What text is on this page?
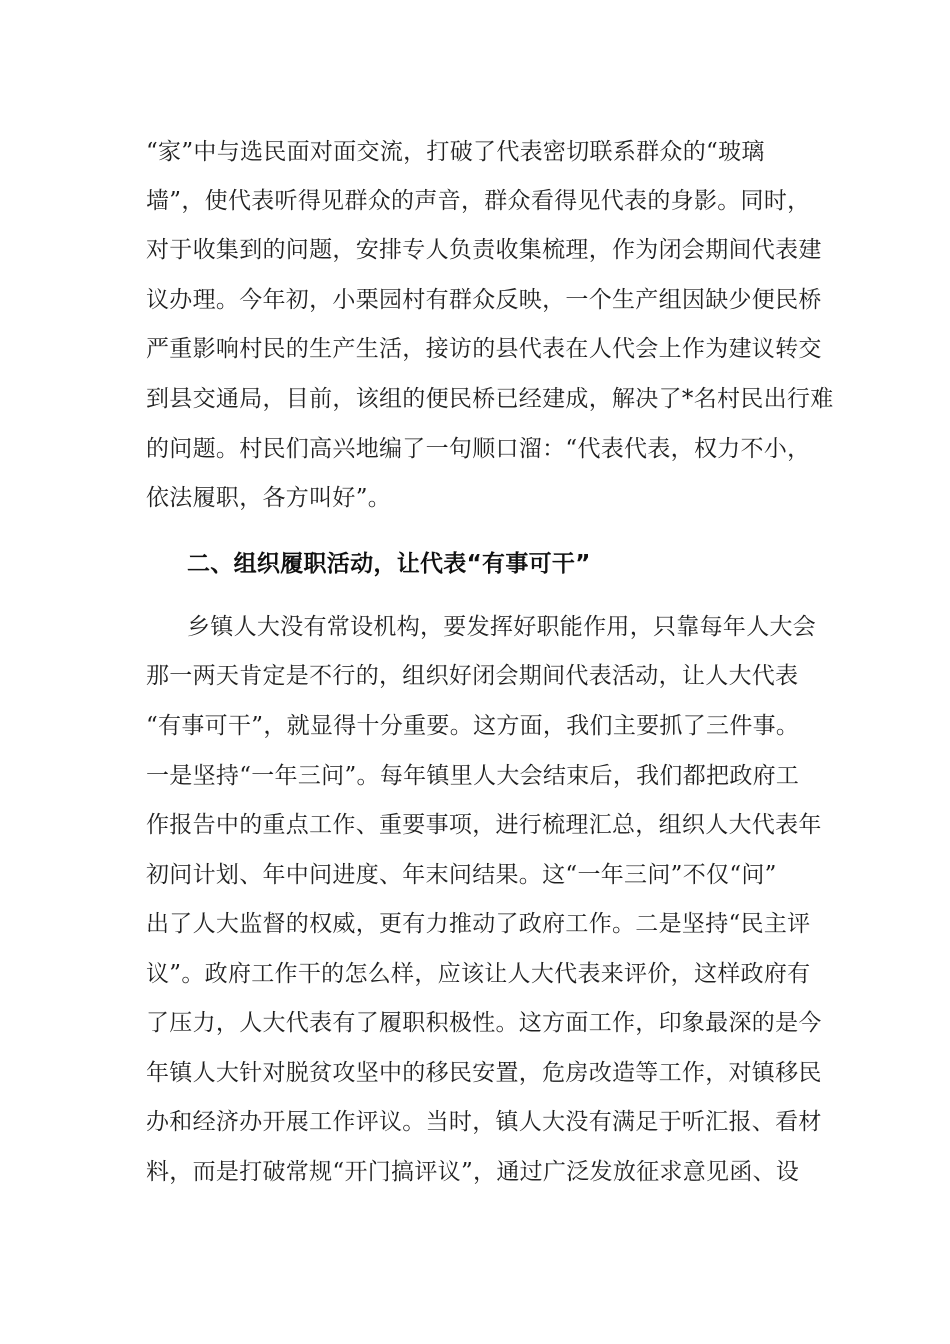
“家”中与选民面对面交流，打破了代表密切联系群众的“玻璃
墙”，使代表听得见群众的声音，群众看得见代表的身影。同时，
对于收集到的问题，安排专人负责收集梳理，作为闭会期间代表建
议办理。今年初，小栗园村有群众反映，一个生产组因缺少便民桥
严重影响村民的生产生活，接访的县代表在人代会上作为建议转交
到县交通局，目前，该组的便民桥已经建成，解决了*名村民出行难
的问题。村民们高兴地编了一句顺口溜：“代表代表，权力不小，
依法履职，各方叫好”。
二、组织履职活动，让代表“有事可干”
乡镇人大没有常设机构，要发挥好职能作用，只靠每年人大会
那一两天肯定是不行的，组织好闭会期间代表活动，让人大代表
“有事可干”，就显得十分重要。这方面，我们主要抓了三件事。
一是坚持“一年三问”。每年镇里人大会结束后，我们都把政府工
作报告中的重点工作、重要事项，进行梳理汇总，组织人大代表年
初问计划、年中问进度、年末问结果。这“一年三问”不仅“问”
出了人大监督的权威，更有力推动了政府工作。二是坚持“民主评
议”。政府工作干的怎么样，应该让人大代表来评价，这样政府有
了压力，人大代表有了履职积极性。这方面工作，印象最深的是今
年镇人大针对脱贫攻坚中的移民安置，危房改造等工作，对镇移民
办和经济办开展工作评议。当时，镇人大没有满足于听汇报、看材
料，而是打破常规“开门搞评议”，通过广泛发放征求意见函、设
